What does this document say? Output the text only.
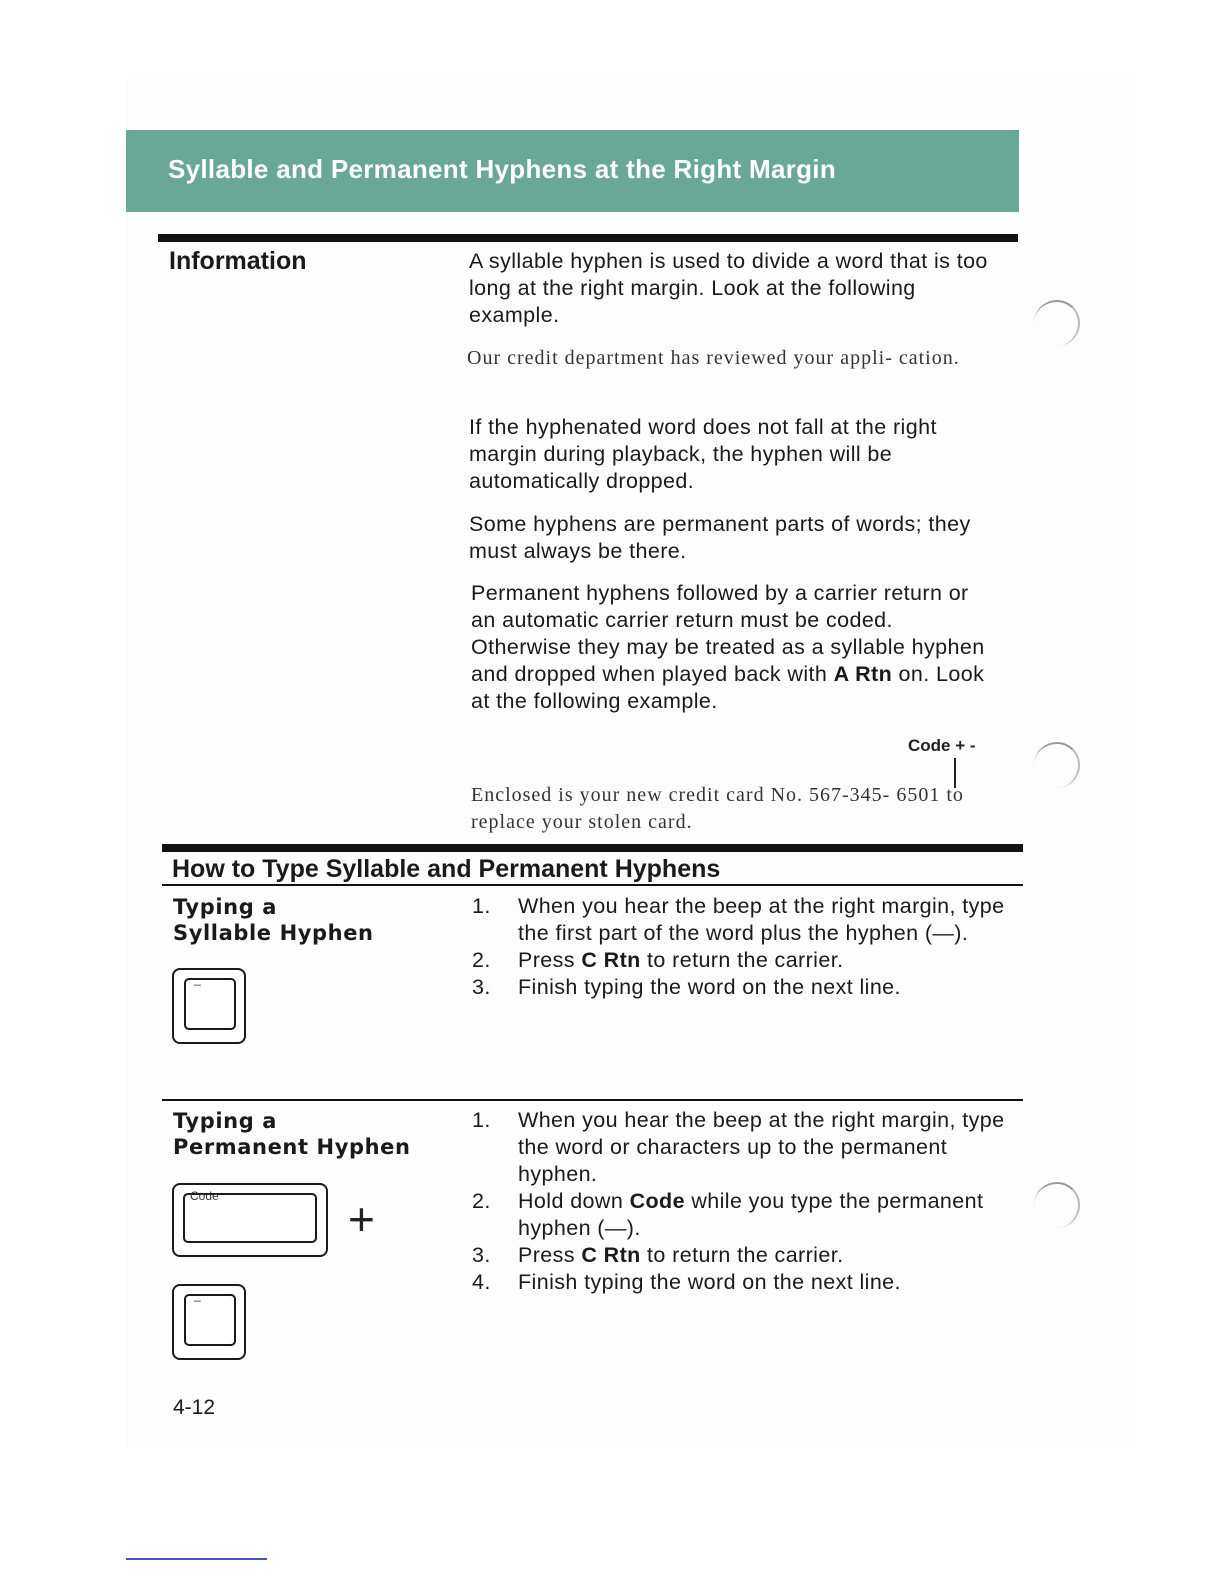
Syllable and Permanent Hyphens at the Right Margin
Information	A syllable hyphen is used to divide a word that is too long at the right margin. Look at the following example.

Our credit department has reviewed your appli- cation.

If the hyphenated word does not fall at the right margin during playback, the hyphen will be automatically dropped.

Some hyphens are permanent parts of words; they must always be there.

Permanent hyphens followed by a carrier return or an automatic carrier return must be coded. Otherwise they may be treated as a syllable hyphen and dropped when played back with A Rtn on. Look at the following example.

Code + -

Enclosed is your new credit card No. 567-345- 6501 to replace your stolen card.

How to Type Syllable and Permanent Hyphens
Typing a
Syllable Hyphen
_
1. When you hear the beep at the right margin, type the first part of the word plus the hyphen (—).
2. Press C Rtn to return the carrier.
3. Finish typing the word on the next line.
Typing a
Permanent Hyphen
Code	+
_
1. When you hear the beep at the right margin, type the word or characters up to the permanent hyphen.
2. Hold down Code while you type the permanent hyphen (—).
3. Press C Rtn to return the carrier.
4. Finish typing the word on the next line.
4-12
